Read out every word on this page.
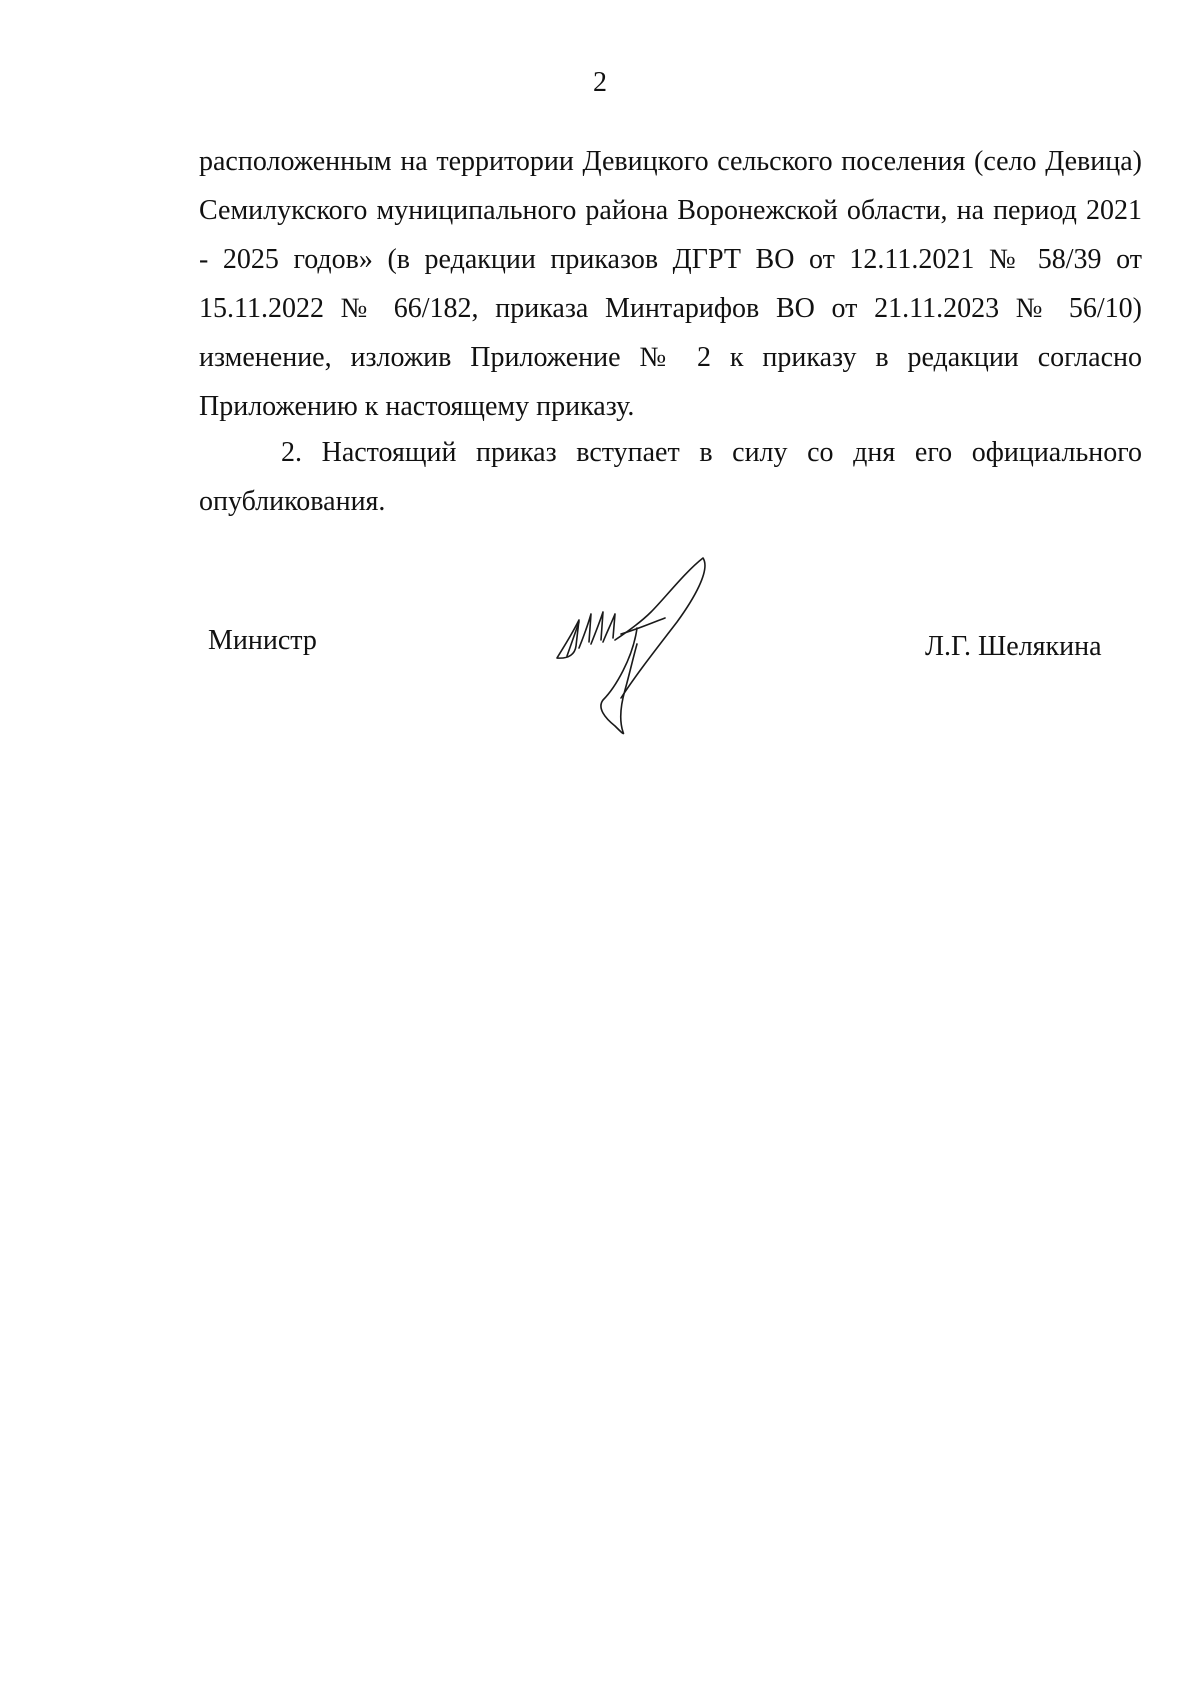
2
расположенным на территории Девицкого сельского поселения (село Девица)
Семилукского муниципального района Воронежской области, на период 2021
- 2025 годов» (в редакции приказов ДГРТ ВО от 12.11.2021 № 58/39 от
15.11.2022 № 66/182, приказа Минтарифов ВО от 21.11.2023 № 56/10)
изменение, изложив Приложение № 2 к приказу в редакции согласно
Приложению к настоящему приказу.
2. Настоящий приказ вступает в силу со дня его официального
опубликования.
Министр	Л.Г. Шелякина
